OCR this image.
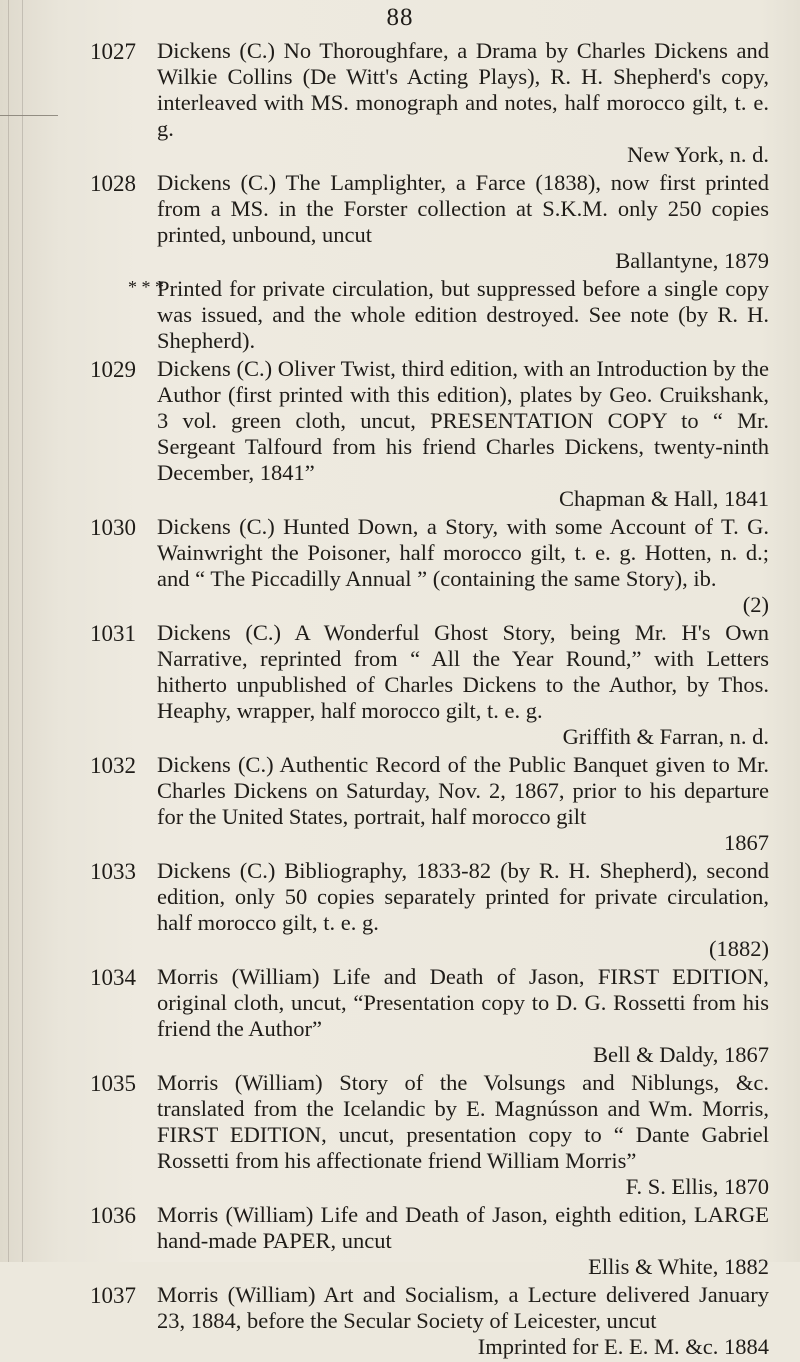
88
1027 Dickens (C.) No Thoroughfare, a Drama by Charles Dickens and Wilkie Collins (De Witt's Acting Plays), R. H. Shepherd's copy, interleaved with MS. monograph and notes, half morocco gilt, t. e. g.
New York, n. d.
1028 Dickens (C.) The Lamplighter, a Farce (1838), now first printed from a MS. in the Forster collection at S.K.M. only 250 copies printed, unbound, uncut
Ballantyne, 1879
* * *
Printed for private circulation, but suppressed before a single copy was issued, and the whole edition destroyed. See note (by R. H. Shepherd).
1029 Dickens (C.) Oliver Twist, third edition, with an Introduction by the Author (first printed with this edition), plates by Geo. Cruikshank, 3 vol. green cloth, uncut, PRESENTATION COPY to “ Mr. Sergeant Talfourd from his friend Charles Dickens, twenty-ninth December, 1841”
Chapman & Hall, 1841
1030 Dickens (C.) Hunted Down, a Story, with some Account of T. G. Wainwright the Poisoner, half morocco gilt, t. e. g. Hotten, n. d.; and “ The Piccadilly Annual ” (containing the same Story), ib.
(2)
1031 Dickens (C.) A Wonderful Ghost Story, being Mr. H's Own Narrative, reprinted from “ All the Year Round,” with Letters hitherto unpublished of Charles Dickens to the Author, by Thos. Heaphy, wrapper, half morocco gilt, t. e. g.
Griffith & Farran, n. d.
1032 Dickens (C.) Authentic Record of the Public Banquet given to Mr. Charles Dickens on Saturday, Nov. 2, 1867, prior to his departure for the United States, portrait, half morocco gilt
1867
1033 Dickens (C.) Bibliography, 1833-82 (by R. H. Shepherd), second edition, only 50 copies separately printed for private circulation, half morocco gilt, t. e. g.
(1882)
1034 Morris (William) Life and Death of Jason, FIRST EDITION, original cloth, uncut, “Presentation copy to D. G. Rossetti from his friend the Author”
Bell & Daldy, 1867
1035 Morris (William) Story of the Volsungs and Niblungs, &c. translated from the Icelandic by E. Magnússon and Wm. Morris, FIRST EDITION, uncut, presentation copy to “ Dante Gabriel Rossetti from his affectionate friend William Morris”
F. S. Ellis, 1870
1036 Morris (William) Life and Death of Jason, eighth edition, LARGE hand-made PAPER, uncut
Ellis & White, 1882
1037 Morris (William) Art and Socialism, a Lecture delivered January 23, 1884, before the Secular Society of Leicester, uncut
Imprinted for E. E. M. &c. 1884
